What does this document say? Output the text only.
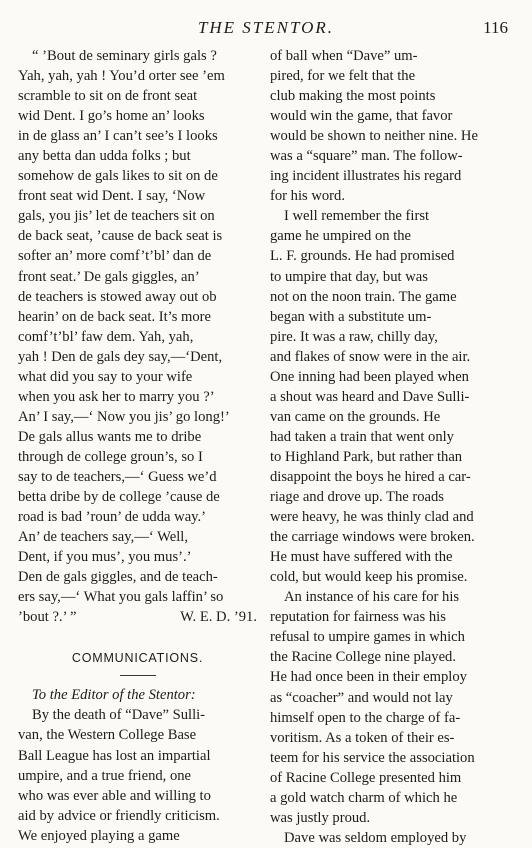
THE STENTOR.	116

“ ’Bout de seminary girls gals ?

Yah, yah, yah ! You’d orter see ’em

scramble to sit on de front seat

wid Dent. I go’s home an’ looks

in de glass an’ I can’t see’s I looks

any betta dan udda folks ; but

somehow de gals likes to sit on de

front seat wid Dent. I say, ‘Now

gals, you jis’ let de teachers sit on

de back seat, ’cause de back seat is

softer an’ more comf’t’bl’ dan de

front seat.’ De gals giggles, an’

de teachers is stowed away out ob

hearin’ on de back seat. It’s more

comf’t’bl’ faw dem. Yah, yah,

yah ! Den de gals dey say,—‘Dent,

what did you say to your wife

when you ask her to marry you ?’

An’ I say,—‘ Now you jis’ go long!’

De gals allus wants me to dribe

through de college groun’s, so I

say to de teachers,—‘ Guess we’d

betta dribe by de college ’cause de

road is bad ’roun’ de udda way.’

An’ de teachers say,—‘ Well,

Dent, if you mus’, you mus’.’

Den de gals giggles, and de teach-

ers say,—‘ What you gals laffin’ so

’bout ?.’ ”	W. E. D. ’91.
COMMUNICATIONS.

To the Editor of the Stentor:

By the death of “Dave” Sulli-

van, the Western College Base

Ball League has lost an impartial

umpire, and a true friend, one

who was ever able and willing to

aid by advice or friendly criticism.

We enjoyed playing a game

of ball when “Dave” um-

pired, for we felt that the

club making the most points

would win the game, that favor

would be shown to neither nine. He

was a “square” man. The follow-

ing incident illustrates his regard

for his word.

I well remember the first

game he umpired on the

L. F. grounds. He had promised

to umpire that day, but was

not on the noon train. The game

began with a substitute um-

pire. It was a raw, chilly day,

and flakes of snow were in the air.

One inning had been played when

a shout was heard and Dave Sulli-

van came on the grounds. He

had taken a train that went only

to Highland Park, but rather than

disappoint the boys he hired a car-

riage and drove up. The roads

were heavy, he was thinly clad and

the carriage windows were broken.

He must have suffered with the

cold, but would keep his promise.

An instance of his care for his

reputation for fairness was his

refusal to umpire games in which

the Racine College nine played.

He had once been in their employ

as “coacher” and would not lay

himself open to the charge of fa-

voritism. As a token of their es-

teem for his service the association

of Racine College presented him

a gold watch charm of which he

was justly proud.

Dave was seldom employed by
